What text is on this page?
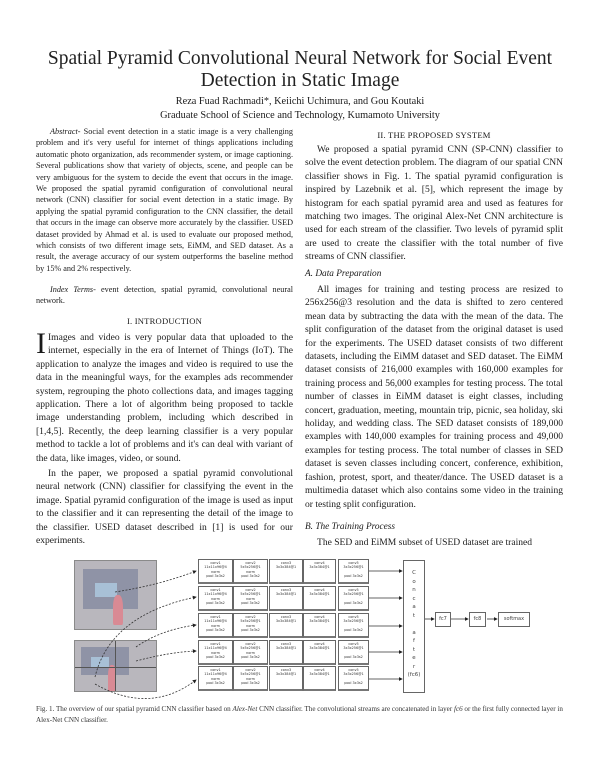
Spatial Pyramid Convolutional Neural Network for Social Event Detection in Static Image
Reza Fuad Rachmadi*, Keiichi Uchimura, and Gou Koutaki
Graduate School of Science and Technology, Kumamoto University
Abstract- Social event detection in a static image is a very challenging problem and it's very useful for internet of things applications including automatic photo organization, ads recommender system, or image captioning. Several publications show that variety of objects, scene, and people can be very ambiguous for the system to decide the event that occurs in the image. We proposed the spatial pyramid configuration of convolutional neural network (CNN) classifier for social event detection in a static image. By applying the spatial pyramid configuration to the CNN classifier, the detail that occurs in the image can observe more accurately by the classifier. USED dataset provided by Ahmad et al. is used to evaluate our proposed method, which consists of two different image sets, EiMM, and SED dataset. As a result, the average accuracy of our system outperforms the baseline method by 15% and 2% respectively.
Index Terms- event detection, spatial pyramid, convolutional neural network.
I. INTRODUCTION

I Images and video is very popular data that uploaded to the internet, especially in the era of Internet of Things (IoT). The application to analyze the images and video is required to use the data in the meaningful ways, for the examples ads recommender system, regrouping the photo collections data, and images tagging application. There a lot of algorithm being proposed to tackle image understanding problem, including which described in [1,4,5]. Recently, the deep learning classifier is a very popular method to tackle a lot of problems and it's can deal with variant of the data, like images, video, or sound.

In the paper, we proposed a spatial pyramid convolutional neural network (CNN) classifier for classifying the event in the image. Spatial pyramid configuration of the image is used as input to the classifier and it can representing the detail of the image to the classifier. USED dataset described in [1] is used for our experiments.

II. THE PROPOSED SYSTEM
We proposed a spatial pyramid CNN (SP-CNN) classifier to solve the event detection problem. The diagram of our spatial CNN classifier shows in Fig. 1. The spatial pyramid configuration is inspired by Lazebnik et al. [5], which represent the image by histogram for each spatial pyramid area and used as features for matching two images. The original Alex-Net CNN architecture is used for each stream of the classifier. Two levels of pyramid split are used to create the classifier with the total number of five streams of CNN classifier.
A. Data Preparation
All images for training and testing process are resized to 256x256@3 resolution and the data is shifted to zero centered mean data by subtracting the data with the mean of the data. The split configuration of the dataset from the original dataset is used for the experiments. The USED dataset consists of two different datasets, including the EiMM dataset and SED dataset. The EiMM dataset consists of 216,000 examples with 160,000 examples for training process and 56,000 examples for testing process. The total number of classes in EiMM dataset is eight classes, including concert, graduation, meeting, mountain trip, picnic, sea holiday, ski holiday, and wedding class. The SED dataset consists of 189,000 examples with 140,000 examples for training process and 49,000 examples for testing process. The total number of classes in SED dataset is seven classes including concert, conference, exhibition, fashion, protest, sport, and theater/dance. The USED dataset is a multimedia dataset which also contains some video in the training or testing split configuration.
B. The Training Process
The SED and EiMM subset of USED dataset are trained
conv1
11x11x96@4
norm
pool 3x3s2
conv2
5x5x256@1
norm
pool 3x3s2
conv3
3x3x384@1
conv4
3x3x384@1
conv5
3x3x256@1

pool 3x3s2
conv1
11x11x96@4
norm
pool 3x3s2
conv2
5x5x256@1
norm
pool 3x3s2
conv3
3x3x384@1
conv4
3x3x384@1
conv5
3x3x256@1

pool 3x3s2
conv1
11x11x96@4
norm
pool 3x3s2
conv2
5x5x256@1
norm
pool 3x3s2
conv3
3x3x384@1
conv4
3x3x384@1
conv5
3x3x256@1

pool 3x3s2
conv1
11x11x96@4
norm
pool 3x3s2
conv2
5x5x256@1
norm
pool 3x3s2
conv3
3x3x384@1
conv4
3x3x384@1
conv5
3x3x256@1

pool 3x3s2
conv1
11x11x96@4
norm
pool 3x3s2
conv2
5x5x256@1
norm
pool 3x3s2
conv3
3x3x384@1
conv4
3x3x384@1
conv5
3x3x256@1

pool 3x3s2
C
o
n
c
a
t

a
f
t
e
r
(fc6)
fc7	fc8	softmax
Fig. 1. The overview of our spatial pyramid CNN classifier based on Alex-Net CNN classifier. The convolutional streams are concatenated in layer fc6 or the first fully connected layer in Alex-Net CNN classifier.
